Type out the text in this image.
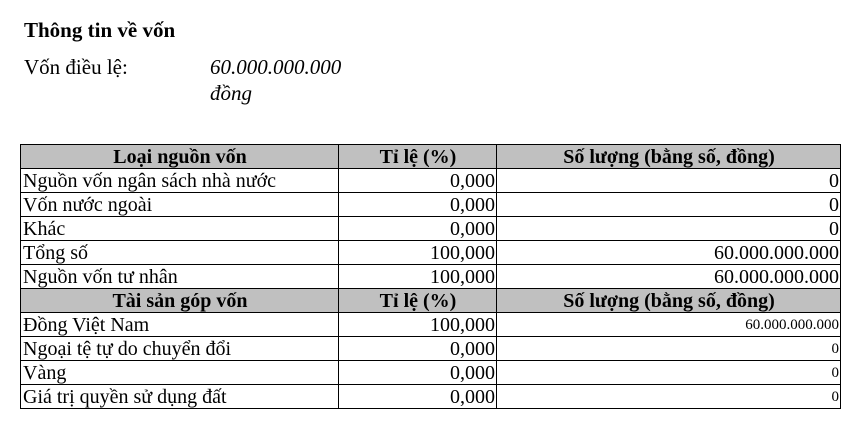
Thông tin về vốn
Vốn điều lệ:	60.000.000.000 đồng
Loại nguồn vốn	Tỉ lệ (%)	Số lượng (bằng số, đồng)
Nguồn vốn ngân sách nhà nước	0,000	0
Vốn nước ngoài	0,000	0
Khác	0,000	0
Tổng số	100,000	60.000.000.000
Nguồn vốn tư nhân	100,000	60.000.000.000
Tài sản góp vốn	Tỉ lệ (%)	Số lượng (bằng số, đồng)
Đồng Việt Nam	100,000	60.000.000.000
Ngoại tệ tự do chuyển đổi	0,000	0
Vàng	0,000	0
Giá trị quyền sử dụng đất	0,000	0
